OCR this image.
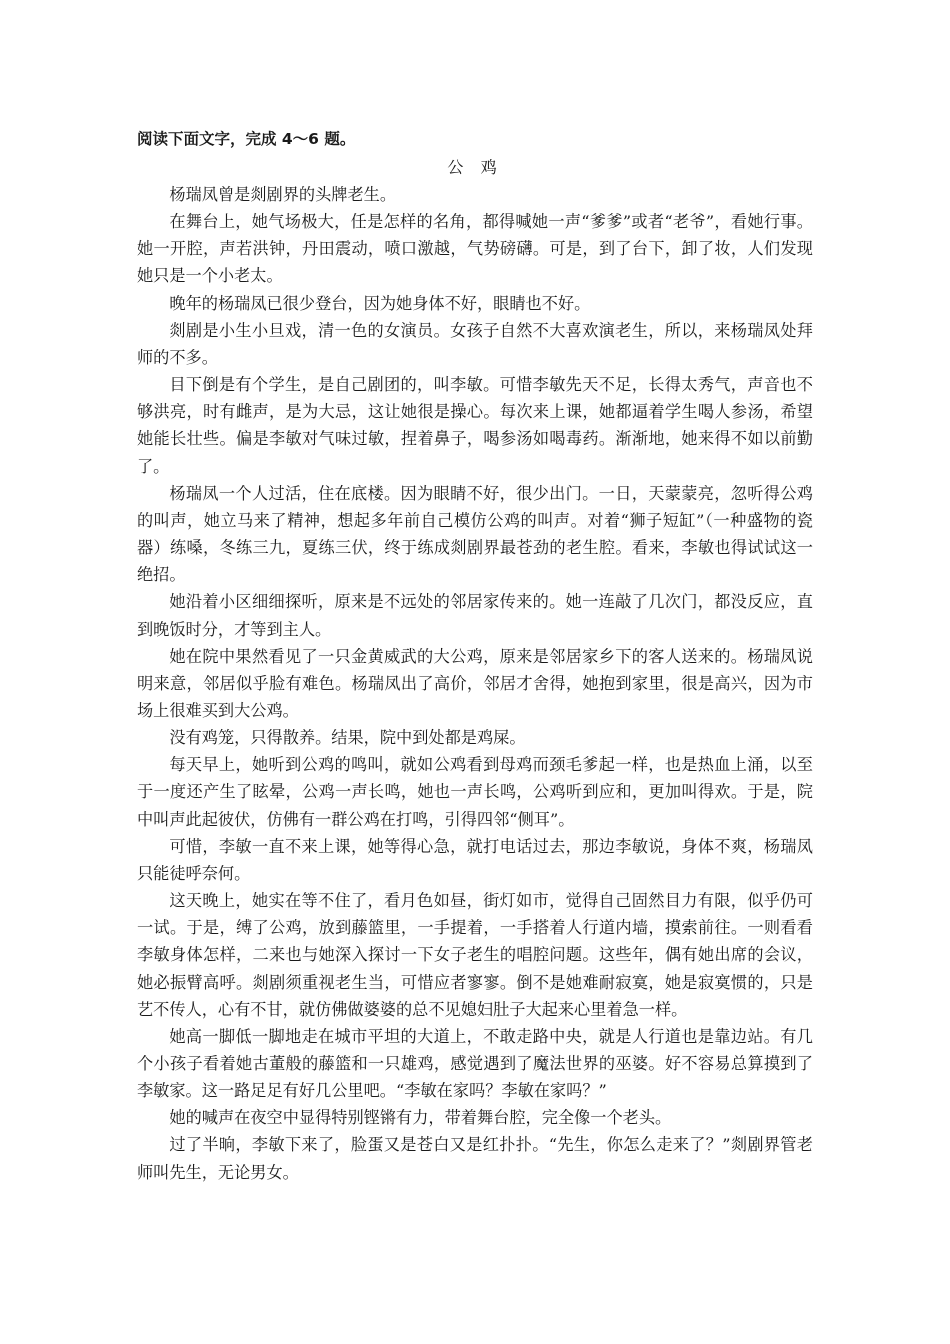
阅读下面文字，完成 4～6 题。
公 鸡

杨瑞凤曾是剡剧界的头牌老生。

在舞台上，她气场极大，任是怎样的名角，都得喊她一声“爹爹”或者“老爷”，看她行事。她一开腔，声若洪钟，丹田震动，喷口激越，气势磅礴。可是，到了台下，卸了妆，人们发现她只是一个小老太。

晚年的杨瑞凤已很少登台，因为她身体不好，眼睛也不好。

剡剧是小生小旦戏，清一色的女演员。女孩子自然不大喜欢演老生，所以，来杨瑞凤处拜师的不多。

目下倒是有个学生，是自己剧团的，叫李敏。可惜李敏先天不足，长得太秀气，声音也不够洪亮，时有雌声，是为大忌，这让她很是操心。每次来上课，她都逼着学生喝人参汤，希望她能长壮些。偏是李敏对气味过敏，捏着鼻子，喝参汤如喝毒药。渐渐地，她来得不如以前勤了。

杨瑞凤一个人过活，住在底楼。因为眼睛不好，很少出门。一日，天蒙蒙亮，忽听得公鸡的叫声，她立马来了精神，想起多年前自己模仿公鸡的叫声。对着“狮子短缸”（一种盛物的瓷器）练嗓，冬练三九，夏练三伏，终于练成剡剧界最苍劲的老生腔。看来，李敏也得试试这一绝招。

她沿着小区细细探听，原来是不远处的邻居家传来的。她一连敲了几次门，都没反应，直到晚饭时分，才等到主人。

她在院中果然看见了一只金黄威武的大公鸡，原来是邻居家乡下的客人送来的。杨瑞凤说明来意，邻居似乎脸有难色。杨瑞凤出了高价，邻居才舍得，她抱到家里，很是高兴，因为市场上很难买到大公鸡。

没有鸡笼，只得散养。结果，院中到处都是鸡屎。

每天早上，她听到公鸡的鸣叫，就如公鸡看到母鸡而颈毛爹起一样，也是热血上涌，以至于一度还产生了眩晕，公鸡一声长鸣，她也一声长鸣，公鸡听到应和，更加叫得欢。于是，院中叫声此起彼伏，仿佛有一群公鸡在打鸣，引得四邻“侧耳”。

可惜，李敏一直不来上课，她等得心急，就打电话过去，那边李敏说，身体不爽，杨瑞凤只能徒呼奈何。

这天晚上，她实在等不住了，看月色如昼，街灯如市，觉得自己固然目力有限，似乎仍可一试。于是，缚了公鸡，放到藤篮里，一手提着，一手搭着人行道内墙，摸索前往。一则看看李敏身体怎样，二来也与她深入探讨一下女子老生的唱腔问题。这些年，偶有她出席的会议，她必振臂高呼。剡剧须重视老生当，可惜应者寥寥。倒不是她难耐寂寞，她是寂寞惯的，只是艺不传人，心有不甘，就仿佛做婆婆的总不见媳妇肚子大起来心里着急一样。

她高一脚低一脚地走在城市平坦的大道上，不敢走路中央，就是人行道也是靠边站。有几个小孩子看着她古董般的藤篮和一只雄鸡，感觉遇到了魔法世界的巫婆。好不容易总算摸到了李敏家。这一路足足有好几公里吧。“李敏在家吗？李敏在家吗？”

她的喊声在夜空中显得特别铿锵有力，带着舞台腔，完全像一个老头。

过了半晌，李敏下来了，脸蛋又是苍白又是红扑扑。“先生，你怎么走来了？”剡剧界管老师叫先生，无论男女。
